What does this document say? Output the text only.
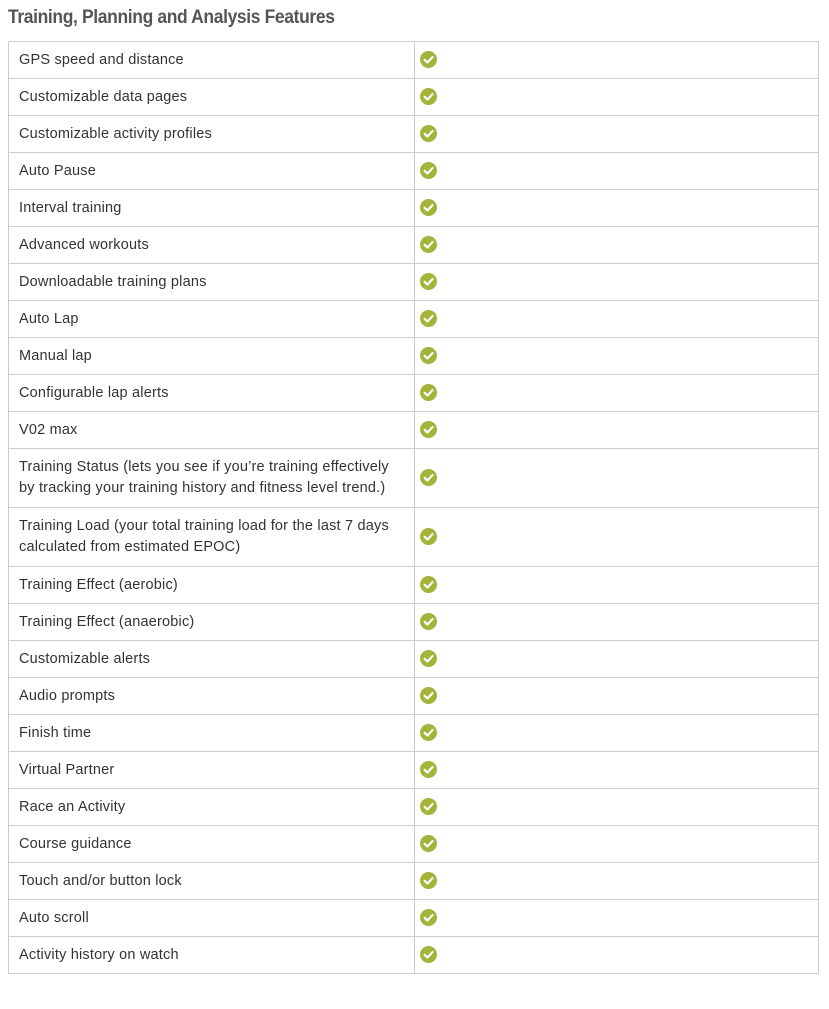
Training, Planning and Analysis Features
GPS speed and distance	

Customizable data pages	

Customizable activity profiles	

Auto Pause	

Interval training	

Advanced workouts	

Downloadable training plans	

Auto Lap	

Manual lap	

Configurable lap alerts	

V02 max	

Training Status (lets you see if you’re training effectively by tracking your training history and fitness level trend.)	

Training Load (your total training load for the last 7 days calculated from estimated EPOC)	

Training Effect (aerobic)	

Training Effect (anaerobic)	

Customizable alerts	

Audio prompts	

Finish time	

Virtual Partner	

Race an Activity	

Course guidance	

Touch and/or button lock	

Auto scroll	

Activity history on watch	
